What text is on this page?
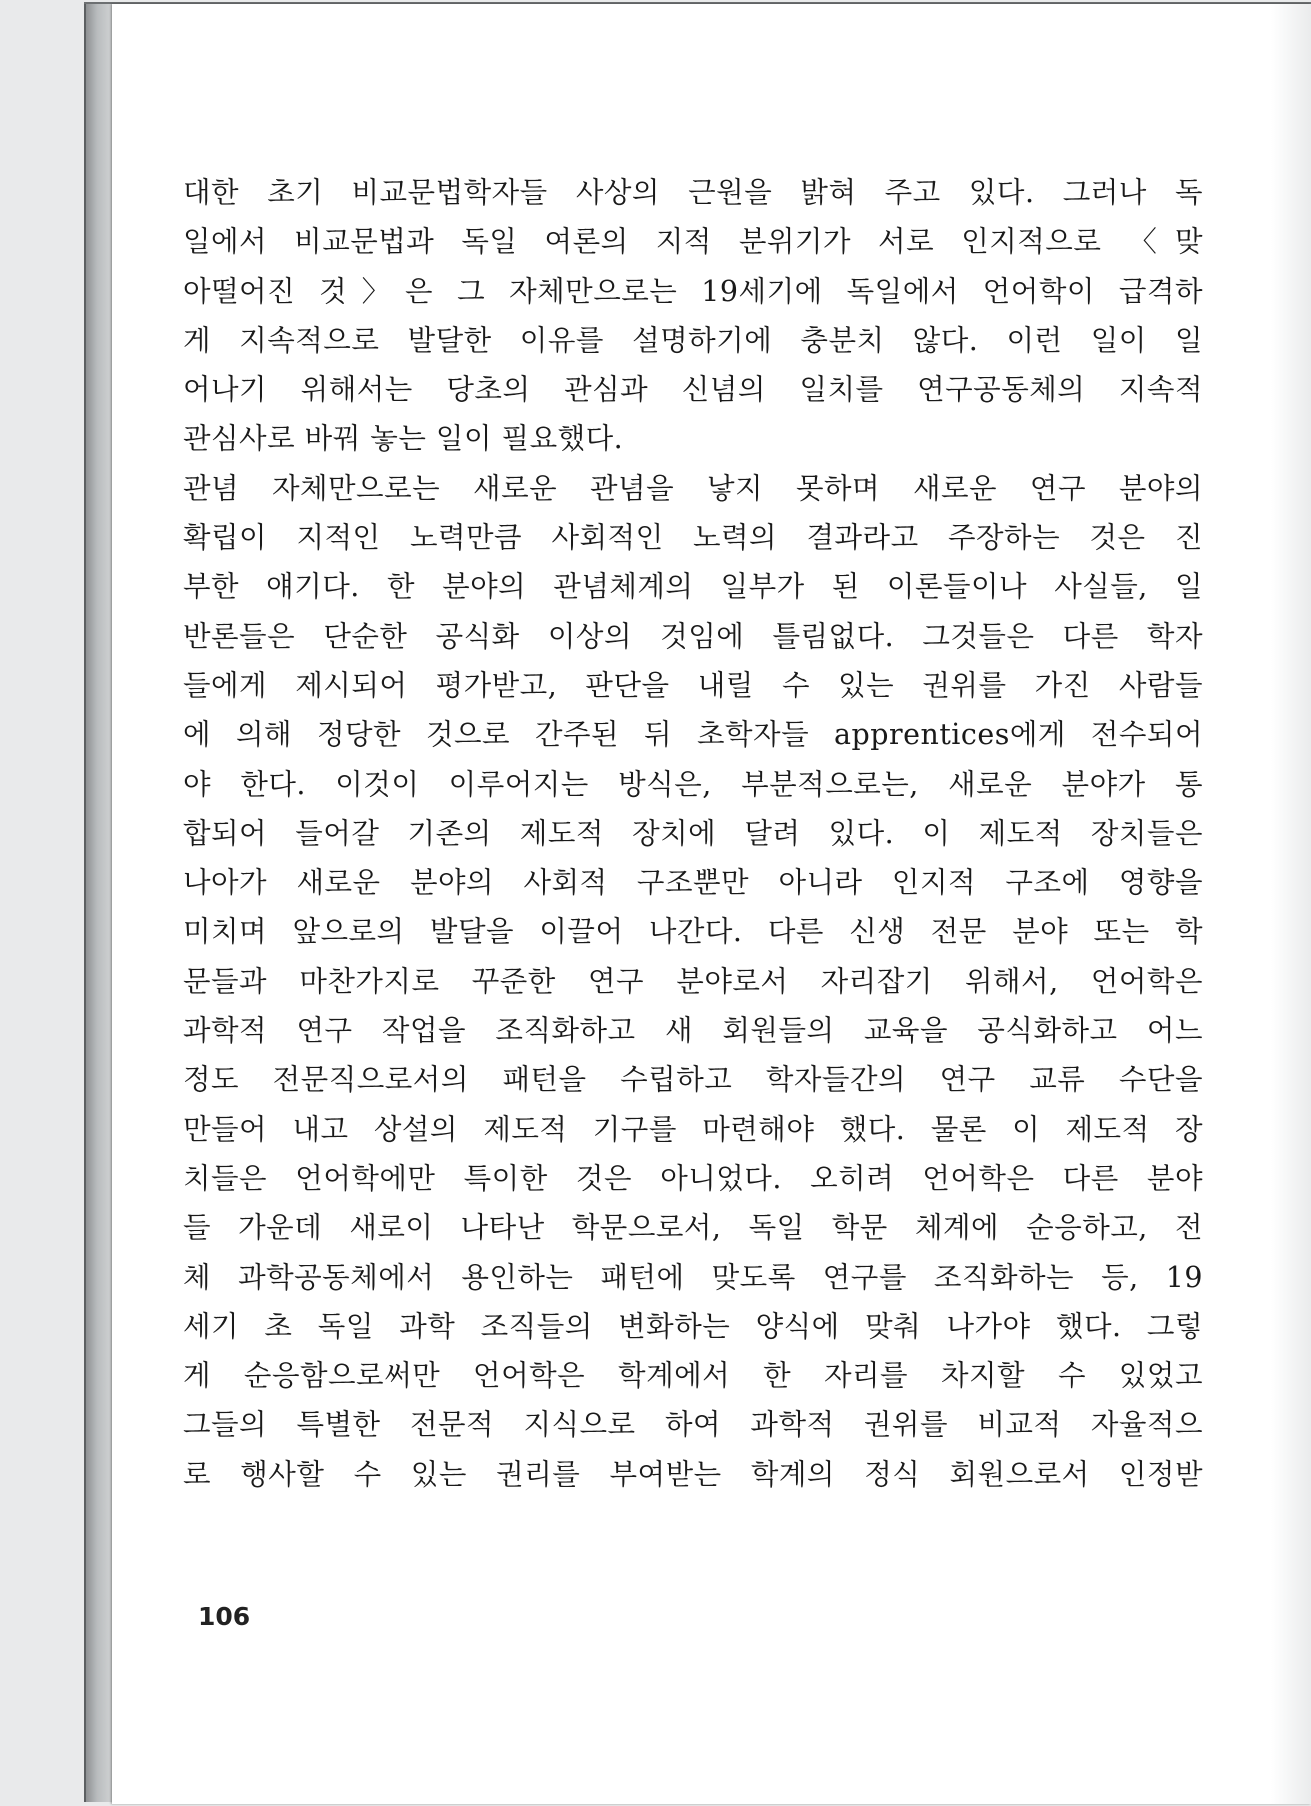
대한 초기 비교문법학자들 사상의 근원을 밝혀 주고 있다. 그러나 독
일에서 비교문법과 독일 여론의 지적 분위기가 서로 인지적으로 〈맞
아떨어진 것〉은 그 자체만으로는 19세기에 독일에서 언어학이 급격하
게 지속적으로 발달한 이유를 설명하기에 충분치 않다. 이런 일이 일
어나기 위해서는 당초의 관심과 신념의 일치를 연구공동체의 지속적
관심사로 바꿔 놓는 일이 필요했다.
관념 자체만으로는 새로운 관념을 낳지 못하며 새로운 연구 분야의
확립이 지적인 노력만큼 사회적인 노력의 결과라고 주장하는 것은 진
부한 얘기다. 한 분야의 관념체계의 일부가 된 이론들이나 사실들, 일
반론들은 단순한 공식화 이상의 것임에 틀림없다. 그것들은 다른 학자
들에게 제시되어 평가받고, 판단을 내릴 수 있는 권위를 가진 사람들
에 의해 정당한 것으로 간주된 뒤 초학자들 apprentices에게 전수되어
야 한다. 이것이 이루어지는 방식은, 부분적으로는, 새로운 분야가 통
합되어 들어갈 기존의 제도적 장치에 달려 있다. 이 제도적 장치들은
나아가 새로운 분야의 사회적 구조뿐만 아니라 인지적 구조에 영향을
미치며 앞으로의 발달을 이끌어 나간다. 다른 신생 전문 분야 또는 학
문들과 마찬가지로 꾸준한 연구 분야로서 자리잡기 위해서, 언어학은
과학적 연구 작업을 조직화하고 새 회원들의 교육을 공식화하고 어느
정도 전문직으로서의 패턴을 수립하고 학자들간의 연구 교류 수단을
만들어 내고 상설의 제도적 기구를 마련해야 했다. 물론 이 제도적 장
치들은 언어학에만 특이한 것은 아니었다. 오히려 언어학은 다른 분야
들 가운데 새로이 나타난 학문으로서, 독일 학문 체계에 순응하고, 전
체 과학공동체에서 용인하는 패턴에 맞도록 연구를 조직화하는 등, 19
세기 초 독일 과학 조직들의 변화하는 양식에 맞춰 나가야 했다. 그렇
게 순응함으로써만 언어학은 학계에서 한 자리를 차지할 수 있었고
그들의 특별한 전문적 지식으로 하여 과학적 권위를 비교적 자율적으
로 행사할 수 있는 권리를 부여받는 학계의 정식 회원으로서 인정받
106
